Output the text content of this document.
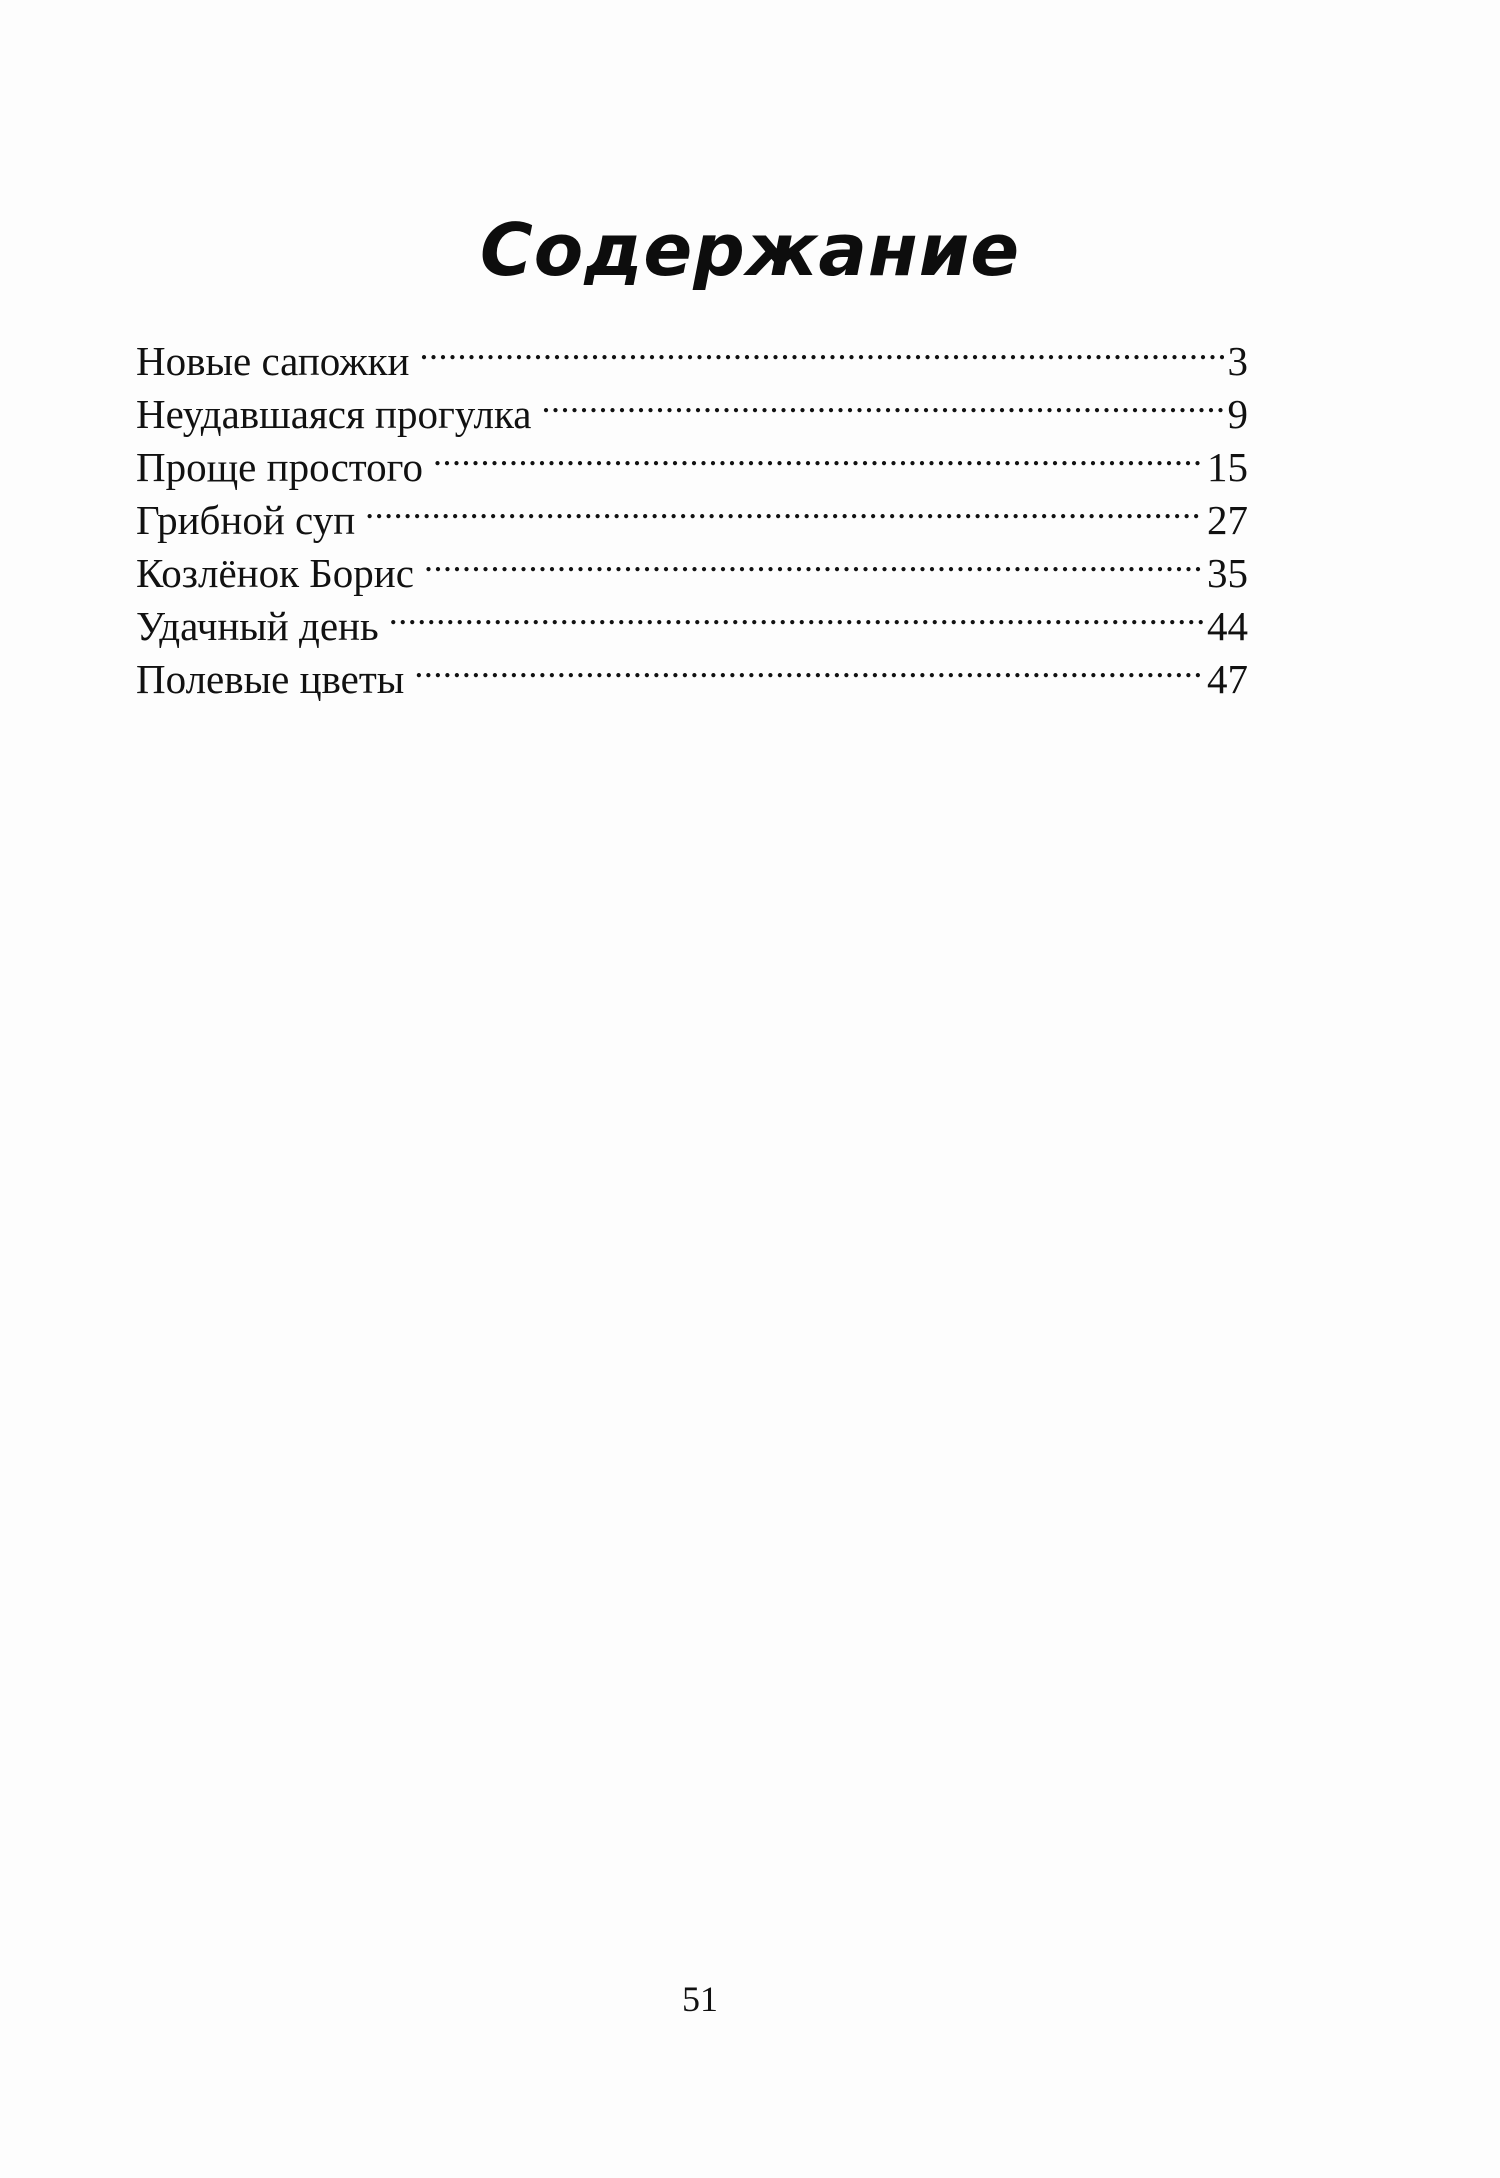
Содержание
Новые сапожки .....	3
Неудавшаяся прогулка .....	9
Проще простого .....	15
Грибной суп .....	27
Козлёнок Борис .....	35
Удачный день .....	44
Полевые цветы .....	47
51
